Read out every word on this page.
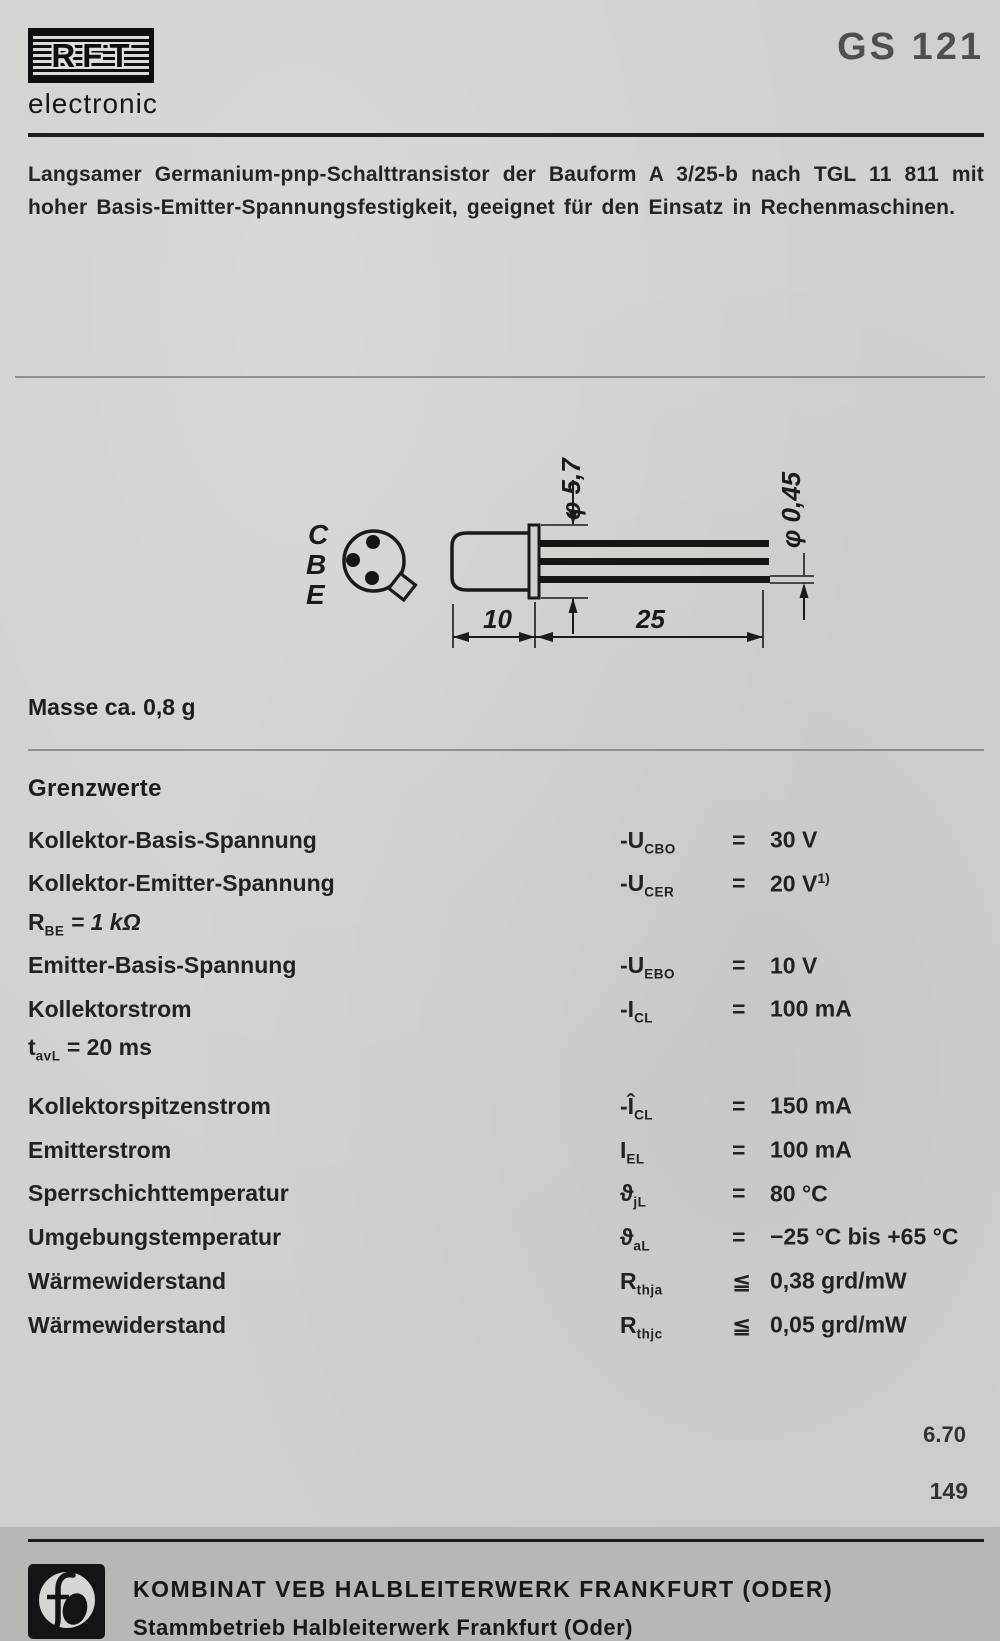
RFT
electronic
GS 121

Langsamer Germanium-pnp-Schalttransistor der Bauform A 3/25-b nach TGL 11 811 mit hoher Basis-Emitter-Spannungsfestigkeit, geeignet für den Einsatz in Rechenmaschinen.

C
B
E
φ 5,7	φ 0,45
10	25
Masse ca. 0,8 g
Grenzwerte
Kollektor-Basis-Spannung	$-U_{CBO}$	=	30 V
Kollektor-Emitter-Spannung	$-U_{CER}$	=	20 $V^{1)}$
$R_{BE} = 1$ kΩ
Emitter-Basis-Spannung	$-U_{EBO}$	=	10 V
Kollektorstrom	$-I_{CL}$	=	100 mA
$t_{avL} = 20$ ms
Kollektorspitzenstrom	$-Î_{CL}$	=	150 mA
Emitterstrom	$I_{EL}$	=	100 mA
Sperrschichttemperatur	$ϑ_{jL}$	=	80 °C
Umgebungstemperatur	$ϑ_{aL}$	=	−25 °C bis +65 °C
Wärmewiderstand	$R_{thja}$	≦ 0,38 grd/mW
Wärmewiderstand	$R_{thjc}$	≦ 0,05 grd/mW
KOMBINAT VEB HALBLEITERWERK FRANKFURT (ODER)
Stammbetrieb Halbleiterwerk Frankfurt (Oder)
6.70
149
